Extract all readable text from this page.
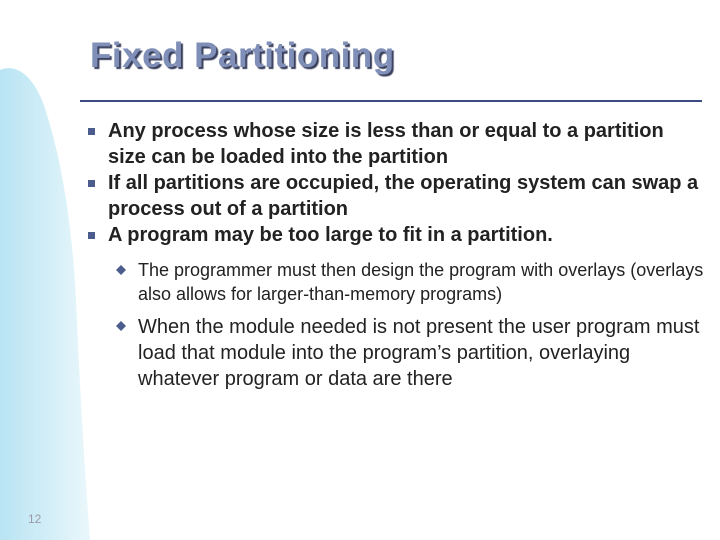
Fixed Partitioning
Any process whose size is less than or equal to a partition size can be loaded into the partition
If all partitions are occupied, the operating system can swap a process out of a partition
A program may be too large to fit in a partition.
The programmer must then design the program with overlays (overlays also allows for larger-than-memory programs)
When the module needed is not present the user program must load that module into the program’s partition, overlaying whatever program or data are there
12
